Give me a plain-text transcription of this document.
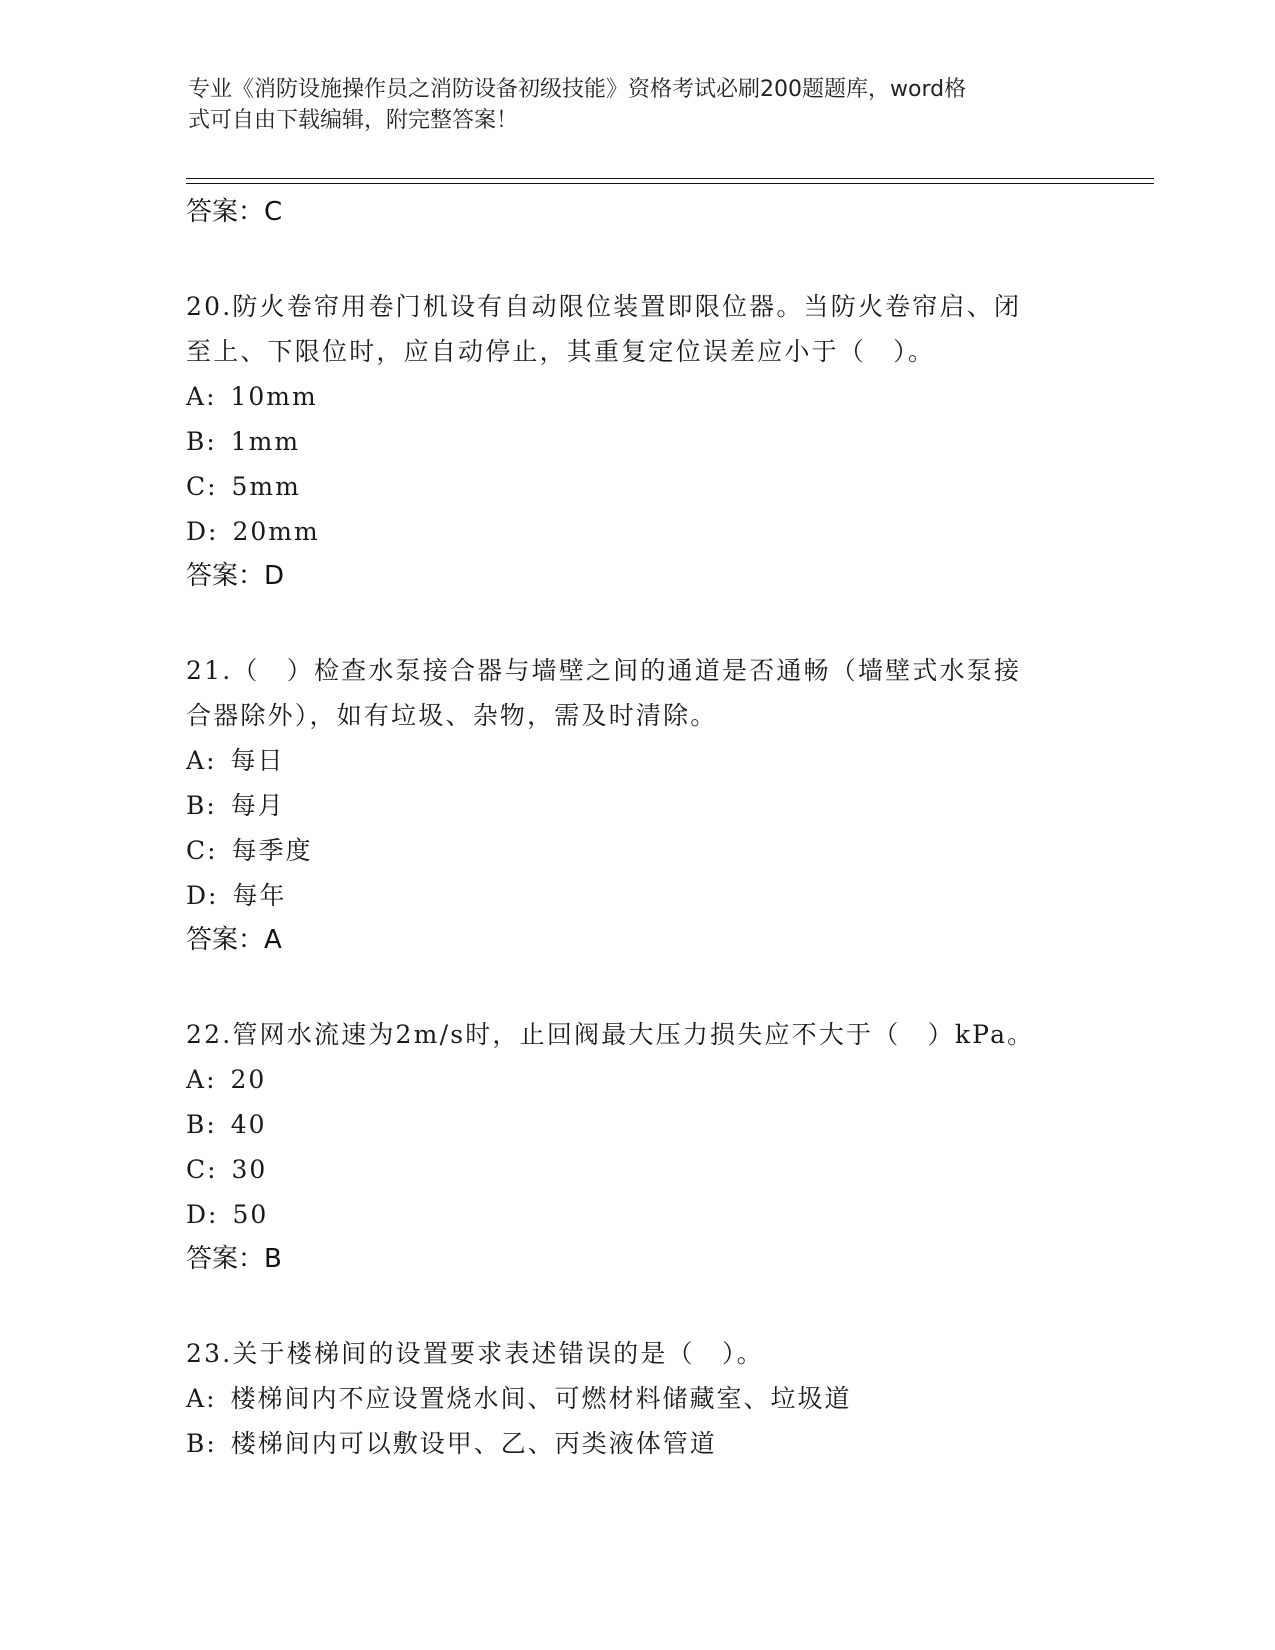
专业《消防设施操作员之消防设备初级技能》资格考试必刷200题题库，word格
式可自由下载编辑，附完整答案！
答案：C
20.防火卷帘用卷门机设有自动限位装置即限位器。当防火卷帘启、闭
至上、下限位时，应自动停止，其重复定位误差应小于（　）。
A: 10mm
B: 1mm
C: 5mm
D: 20mm
答案：D
21.（　）检查水泵接合器与墙壁之间的通道是否通畅（墙壁式水泵接
合器除外），如有垃圾、杂物，需及时清除。
A: 每日
B: 每月
C: 每季度
D: 每年
答案：A
22.管网水流速为2m/s时，止回阀最大压力损失应不大于（　）kPa。
A: 20
B: 40
C: 30
D: 50
答案：B
23.关于楼梯间的设置要求表述错误的是（　）。
A: 楼梯间内不应设置烧水间、可燃材料储藏室、垃圾道
B: 楼梯间内可以敷设甲、乙、丙类液体管道
